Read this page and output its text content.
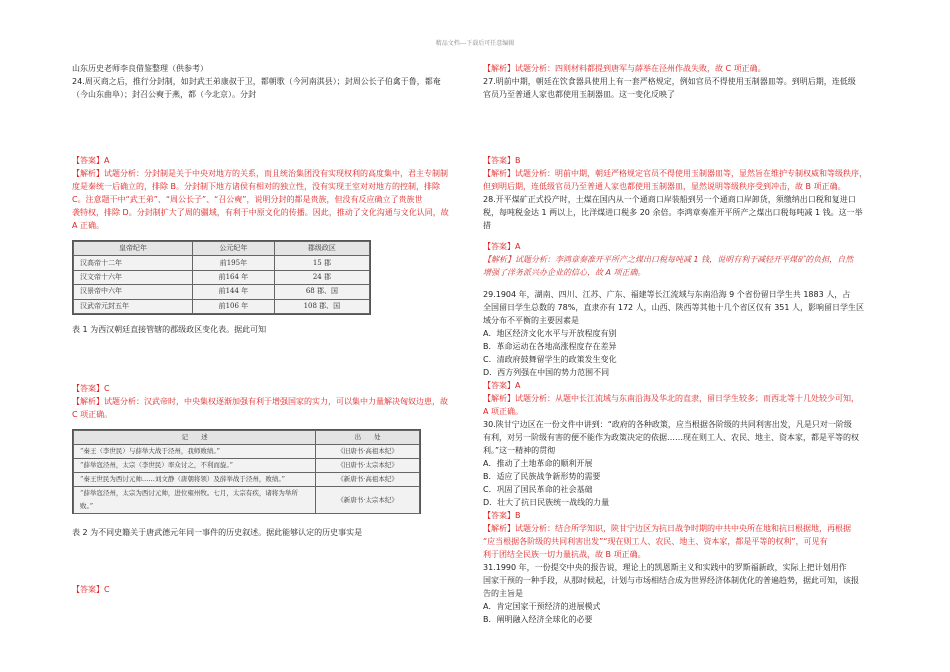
精品文档---下载后可任意编辑
山东历史老师李良借鉴整理（供参考）
24.周灭商之后，推行分封制，如封武王弟康叔于卫，都朝歌（今河南淇县）；封周公长子伯禽于鲁，都奄
（今山东曲阜）；封召公奭于燕，都（今北京）。分封
【答案】A
【解析】试题分析：分封制是关于中央对地方的关系，而且统治集团没有实现权利的高度集中，君主专制制
度是秦统一后确立的，排除 B。分封制下地方诸侯有相对的独立性，没有实现王室对对地方的控制，排除
C。注意题干中“武王弟”、“周公长子”、“召公奭”，说明分封的都是贵族，但没有反应确立了贵族世
袭特权，排除 D。分封制扩大了周的疆域，有利于中原文化的传播。因此，推动了文化沟通与文化认同，故
A 正确。
皇帝纪年	公元纪年	郡级政区
汉高帝十二年	前195年	15 郡
汉文帝十六年	前164 年	24 郡
汉景帝中六年	前144 年	68 郡、国
汉武帝元封五年	前106 年	108 郡、国
表 1 为西汉朝廷直接管辖的郡级政区变化表。据此可知
【答案】C
【解析】试题分析：汉武帝时，中央集权逐渐加强有利于增强国家的实力，可以集中力量解决匈奴边患，故
C 项正确。
记　　述	出　　处
“秦王（李世民）与薛举大战于泾州，我师败绩。”	《旧唐书·高祖本纪》
“薛举寇泾州，太宗（李世民）率众讨之，不利而旋。”	《旧唐书·太宗本纪》
“秦王世民为西讨元帅……刘文静（唐朝将领）及薛举战于泾州，败绩。”	《新唐书·高祖本纪》
“薛举寇泾州，太宗为西讨元帅，进位雍州牧。七月，太宗有疾，诸将为举所败。”	《新唐书·太宗本纪》
表 2 为不同史籍关于唐武德元年同一事件的历史叙述。据此能够认定的历史事实是
【答案】C
【解析】试题分析：四则材料都提到唐军与薛举在泾州作战失败，故 C 项正确。
27.明前中期，朝廷在饮食器具使用上有一套严格规定，例如官员不得使用玉制器皿等。到明后期，连低级
官员乃至普通人家也都使用玉制器皿。这一变化反映了
【答案】B
【解析】试题分析：明前中期，朝廷严格规定官员不得使用玉制器皿等，显然旨在维护专制权威和等级秩序，
但到明后期，连低级官员乃至普通人家也都使用玉制器皿，显然说明等级秩序受到冲击，故 B 项正确。
28.开平煤矿正式投产时，土煤在国内从一个通商口岸装船到另一个通商口岸卸货，须缴纳出口税和复进口
税，每吨税金达 1 两以上，比洋煤进口税多 20 余倍。李鸿章奏准开平所产之煤出口税每吨减 1 钱。这一举
措
【答案】A
【解析】试题分析：李鸿章奏准开平所产之煤出口税每吨减 1 钱，说明有利于减轻开平煤矿的负担，自然
增强了洋务派兴办企业的信心，故 A 项正确。
29.1904 年，湖南、四川、江苏、广东、福建等长江流域与东南沿海 9 个省份留日学生共 1883 人，占
全国留日学生总数的 78%，直隶亦有 172 人，山西、陕西等其他十几个省区仅有 351 人，影响留日学生区
域分布不平衡的主要因素是
A．地区经济文化水平与开放程度有别
B．革命运动在各地高涨程度存在差异
C．清政府鼓舞留学生的政策发生变化
D．西方列强在中国的势力范围不同
【答案】A
【解析】试题分析：从题中长江流域与东南沿海及华北的直隶，留日学生较多；而西北等十几处较少可知，
A 项正确。
30.陕甘宁边区在一份文件中讲到：“政府的各种政策，应当根据各阶级的共同利害出发，凡是只对一阶级
有利，对另一阶级有害的便不能作为政策决定的依据……现在则工人、农民、地主、资本家，都是平等的权
利。”这一精神的贯彻
A．推动了土地革命的顺利开展
B．适应了民族战争新形势的需要
C．巩固了国民革命的社会基础
D．壮大了抗日民族统一战线的力量
【答案】B
【解析】试题分析：结合所学知识，陕甘宁边区为抗日战争时期的中共中央所在地和抗日根据地，再根据
“应当根据各阶级的共同利害出发”“现在则工人、农民、地主、资本家，都是平等的权利”，可见有
利于团结全民族一切力量抗战，故 B 项正确。
31.1990 年，一份提交中央的报告说，理论上的凯恩斯主义和实践中的罗斯福新政，实际上把计划用作
国家干预的一种手段，从那时候起，计划与市场相结合成为世界经济体制优化的普遍趋势，据此可知，该报
告的主旨是
A．肯定国家干预经济的进展模式
B．阐明融入经济全球化的必要
